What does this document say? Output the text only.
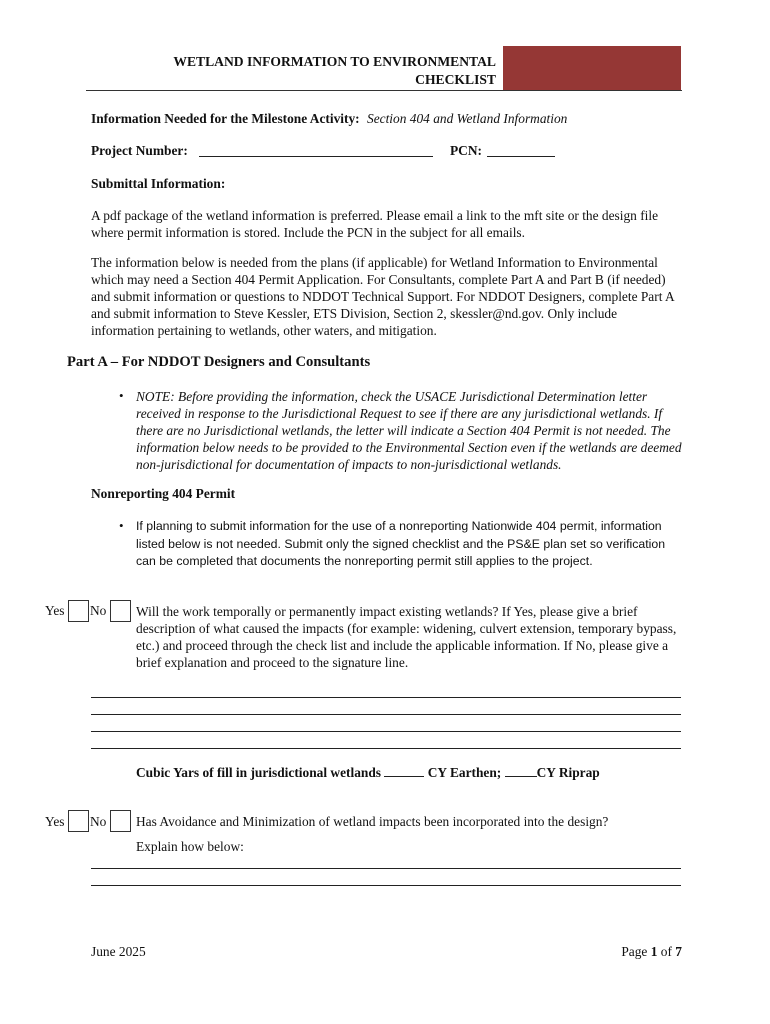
WETLAND INFORMATION TO ENVIRONMENTAL
CHECKLIST
Information Needed for the Milestone Activity: Section 404 and Wetland Information
Project Number:	PCN:
Submittal Information:
A pdf package of the wetland information is preferred. Please email a link to the mft site or the design file where permit information is stored. Include the PCN in the subject for all emails.
The information below is needed from the plans (if applicable) for Wetland Information to Environmental which may need a Section 404 Permit Application. For Consultants, complete Part A and Part B (if needed) and submit information or questions to NDDOT Technical Support. For NDDOT Designers, complete Part A and submit information to Steve Kessler, ETS Division, Section 2, skessler@nd.gov. Only include information pertaining to wetlands, other waters, and mitigation.
Part A – For NDDOT Designers and Consultants
• NOTE: Before providing the information, check the USACE Jurisdictional Determination letter received in response to the Jurisdictional Request to see if there are any jurisdictional wetlands. If there are no Jurisdictional wetlands, the letter will indicate a Section 404 Permit is not needed. The information below needs to be provided to the Environmental Section even if the wetlands are deemed non-jurisdictional for documentation of impacts to non-jurisdictional wetlands.
Nonreporting 404 Permit
• If planning to submit information for the use of a nonreporting Nationwide 404 permit, information listed below is not needed. Submit only the signed checklist and the PS&E plan set so verification can be completed that documents the nonreporting permit still applies to the project.
Yes No Will the work temporally or permanently impact existing wetlands? If Yes, please give a brief description of what caused the impacts (for example: widening, culvert extension, temporary bypass, etc.) and proceed through the check list and include the applicable information. If No, please give a brief explanation and proceed to the signature line.
Cubic Yars of fill in jurisdictional wetlands	CY Earthen;	CY Riprap
Yes No Has Avoidance and Minimization of wetland impacts been incorporated into the design?
Explain how below:
June 2025	Page 1 of 7
